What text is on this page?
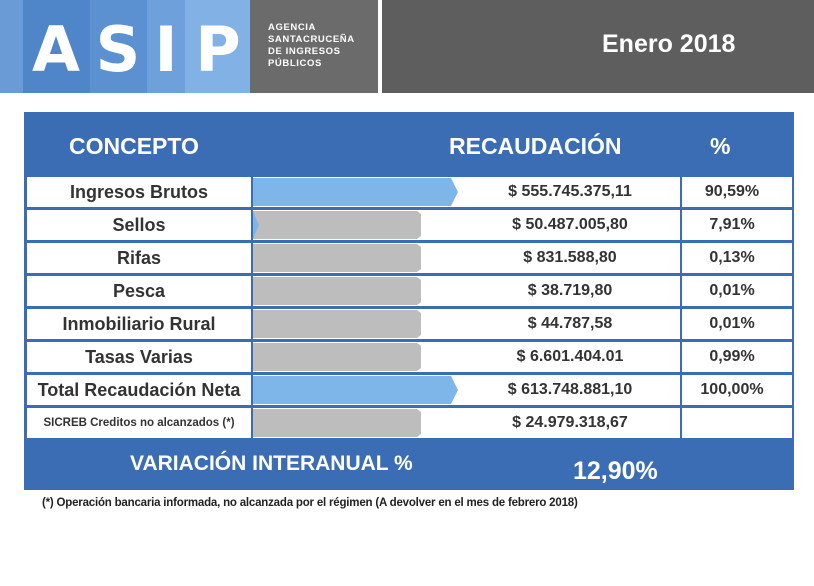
A S I P	AGENCIA
SANTACRUCEÑA
DE INGRESOS
PÚBLICOS
Enero 2018
CONCEPTO	RECAUDACIÓN	%
Ingresos Brutos	$ 555.745.375,11	90,59%
Sellos	$ 50.487.005,80	7,91%
Rifas	$ 831.588,80	0,13%
Pesca	$ 38.719,80	0,01%
Inmobiliario Rural	$ 44.787,58	0,01%
Tasas Varias	$ 6.601.404.01	0,99%
Total Recaudación Neta	$ 613.748.881,10	100,00%
SICREB Creditos no alcanzados (*)	$ 24.979.318,67
VARIACIÓN INTERANUAL %	12,90%
(*) Operación bancaria informada, no alcanzada por el régimen (A devolver en el mes de febrero 2018)
